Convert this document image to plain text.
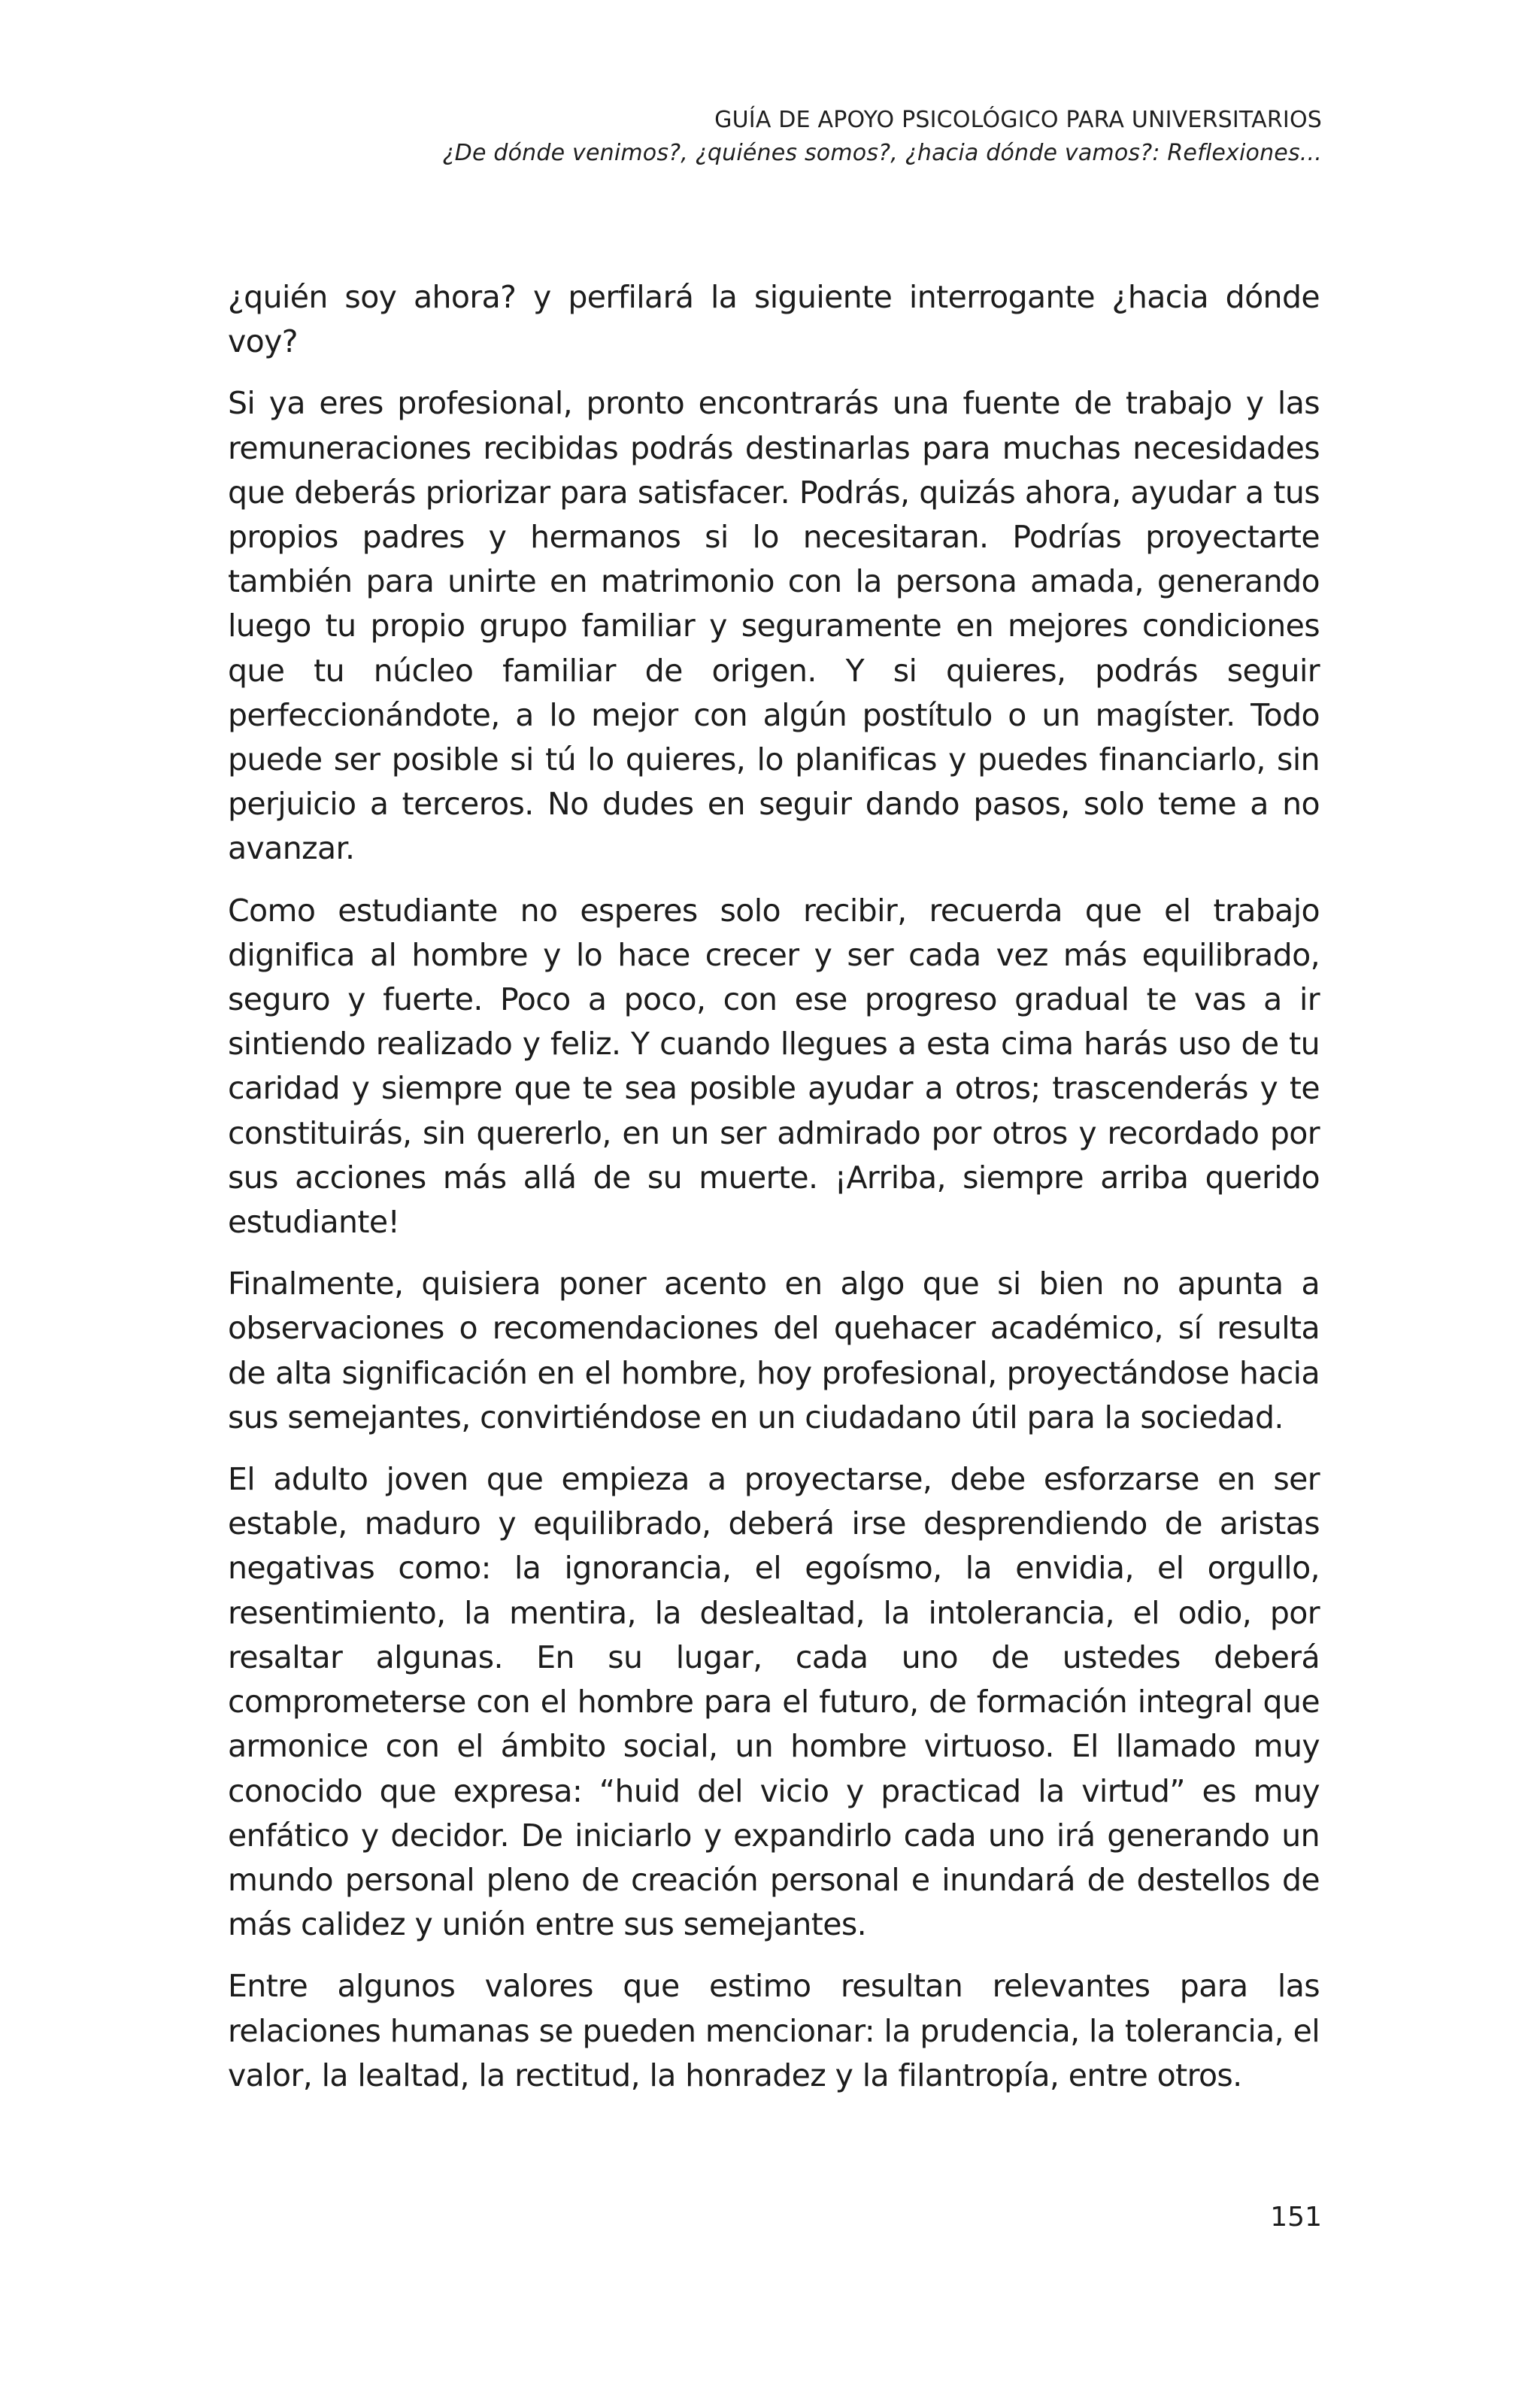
GUÍA DE APOYO PSICOLÓGICO PARA UNIVERSITARIOS
¿De dónde venimos?, ¿quiénes somos?, ¿hacia dónde vamos?: Reflexiones...

¿quién soy ahora? y perfilará la siguiente interrogante ¿hacia dónde voy?

Si ya eres profesional, pronto encontrarás una fuente de trabajo y las remuneraciones recibidas podrás destinarlas para muchas necesidades que deberás priorizar para satisfacer. Podrás, quizás ahora, ayudar a tus propios padres y hermanos si lo necesitaran. Podrías proyectarte también para unirte en matrimonio con la persona amada, generando luego tu propio grupo familiar y seguramente en mejores condiciones que tu núcleo familiar de origen. Y si quieres, podrás seguir perfeccionándote, a lo mejor con algún postítulo o un magíster. Todo puede ser posible si tú lo quieres, lo planificas y puedes financiarlo, sin perjuicio a terceros. No dudes en seguir dando pasos, solo teme a no avanzar.

Como estudiante no esperes solo recibir, recuerda que el trabajo dignifica al hombre y lo hace crecer y ser cada vez más equilibrado, seguro y fuerte. Poco a poco, con ese progreso gradual te vas a ir sintiendo realizado y feliz. Y cuando llegues a esta cima harás uso de tu caridad y siempre que te sea posible ayudar a otros; trascenderás y te constituirás, sin quererlo, en un ser admirado por otros y recordado por sus acciones más allá de su muerte. ¡Arriba, siempre arriba querido estudiante!

Finalmente, quisiera poner acento en algo que si bien no apunta a observaciones o recomendaciones del quehacer académico, sí resulta de alta significación en el hombre, hoy profesional, proyectándose hacia sus semejantes, convirtiéndose en un ciudadano útil para la sociedad.

El adulto joven que empieza a proyectarse, debe esforzarse en ser estable, maduro y equilibrado, deberá irse desprendiendo de aristas negativas como: la ignorancia, el egoísmo, la envidia, el orgullo, resentimiento, la mentira, la deslealtad, la intolerancia, el odio, por resaltar algunas. En su lugar, cada uno de ustedes deberá comprometerse con el hombre para el futuro, de formación integral que armonice con el ámbito social, un hombre virtuoso. El llamado muy conocido que expresa: “huid del vicio y practicad la virtud” es muy enfático y decidor. De iniciarlo y expandirlo cada uno irá generando un mundo personal pleno de creación personal e inundará de destellos de más calidez y unión entre sus semejantes.

Entre algunos valores que estimo resultan relevantes para las relaciones humanas se pueden mencionar: la prudencia, la tolerancia, el valor, la lealtad, la rectitud, la honradez y la filantropía, entre otros.

151
